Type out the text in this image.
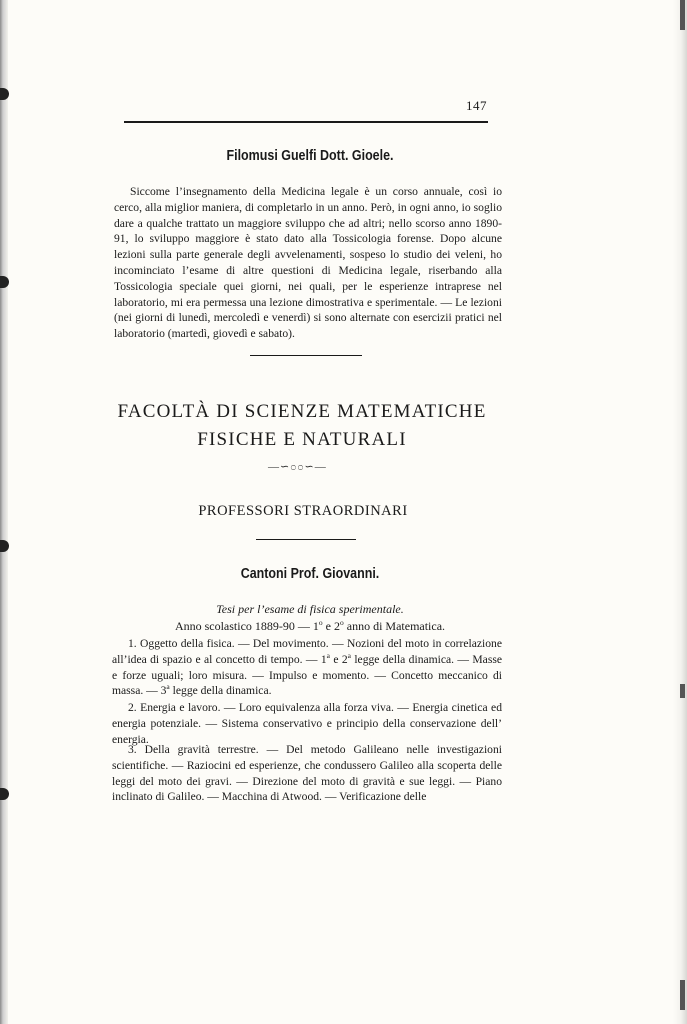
147
Filomusi Guelfi Dott. Gioele.

Siccome l’insegnamento della Medicina legale è un corso annuale, così io cerco, alla miglior maniera, di completarlo in un anno. Però, in ogni anno, io soglio dare a qualche trattato un maggiore sviluppo che ad altri; nello scorso anno 1890-91, lo sviluppo maggiore è stato dato alla Tossicologia forense. Dopo alcune lezioni sulla parte generale degli avvelenamenti, sospeso lo studio dei veleni, ho incominciato l’esame di altre questioni di Medicina legale, riserbando alla Tossicologia speciale quei giorni, nei quali, per le esperienze intraprese nel laboratorio, mi era permessa una lezione dimostrativa e sperimentale. — Le lezioni (nei giorni di lunedì, mercoledì e venerdì) si sono alternate con esercizii pratici nel laboratorio (martedì, giovedì e sabato).

FACOLTÀ DI SCIENZE MATEMATICHE
FISICHE E NATURALI
—∽೦೦∽—
PROFESSORI STRAORDINARI
Cantoni Prof. Giovanni.
Tesi per l’esame di fisica sperimentale.
Anno scolastico 1889-90 — 1$^o$ e 2$^o$ anno di Matematica.

1. Oggetto della fisica. — Del movimento. — Nozioni del moto in correlazione all’idea di spazio e al concetto di tempo. — 1$^a$ e 2$^a$ legge della dinamica. — Masse e forze uguali; loro misura. — Impulso e momento. — Concetto meccanico di massa. — 3$^a$ legge della dinamica.

2. Energia e lavoro. — Loro equivalenza alla forza viva. — Energia cinetica ed energia potenziale. — Sistema conservativo e principio della conservazione dell’ energia.

3. Della gravità terrestre. — Del metodo Galileano nelle investigazioni scientifiche. — Raziocini ed esperienze, che condussero Galileo alla scoperta delle leggi del moto dei gravi. — Direzione del moto di gravità e sue leggi. — Piano inclinato di Galileo. — Macchina di Atwood. — Verificazione delle
